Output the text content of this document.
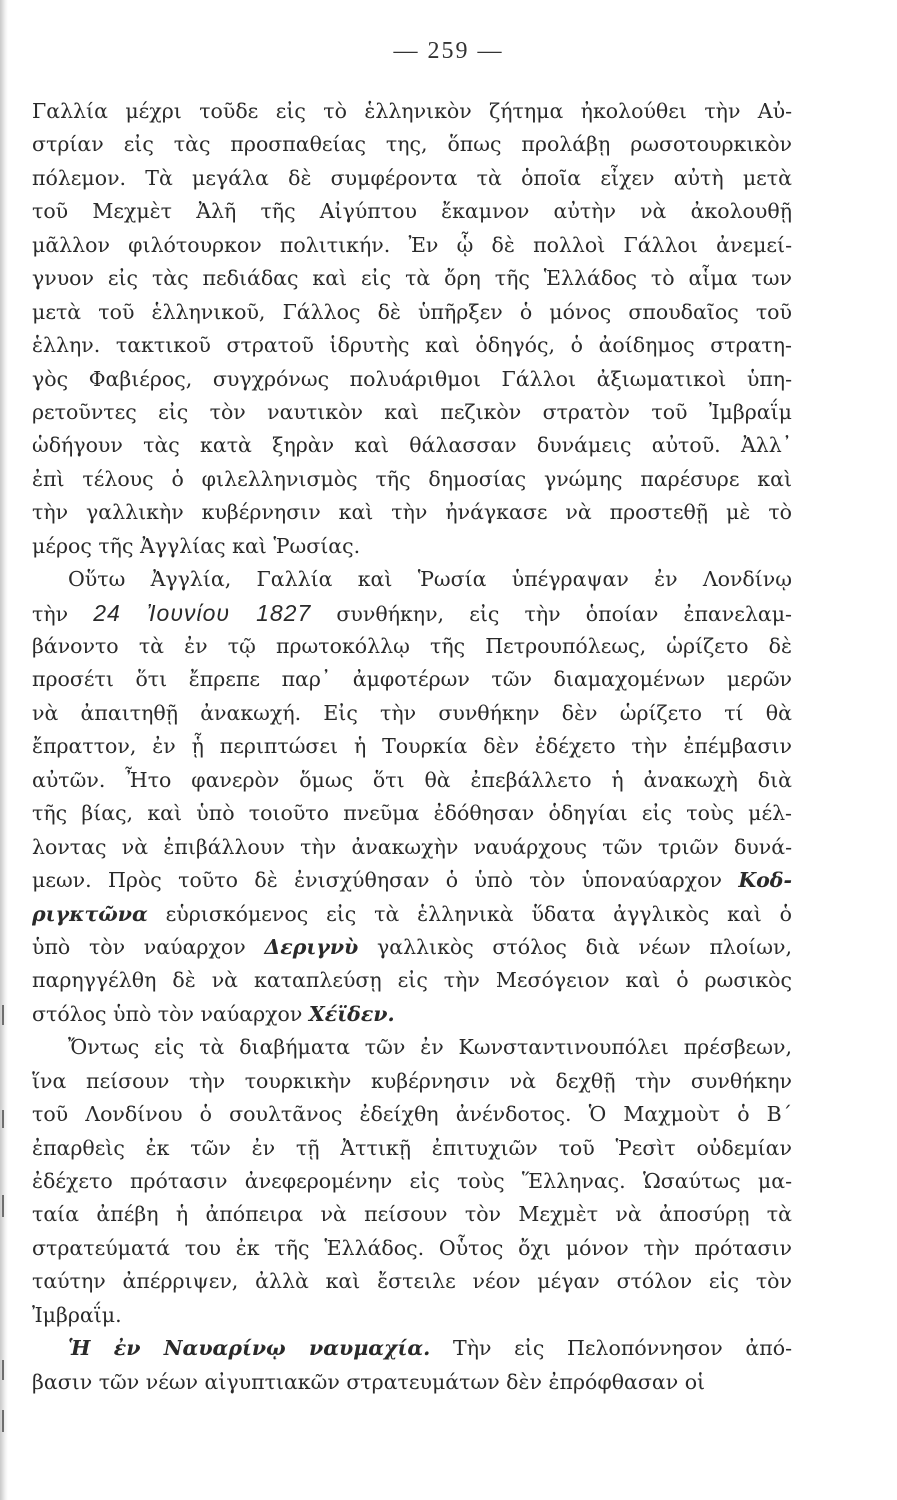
— 259 —
Γαλλία μέχρι τοῦδε εἰς τὸ ἑλληνικὸν ζήτημα ἠκολούθει τὴν Αὐ-
στρίαν εἰς τὰς προσπαθείας της, ὅπως προλάβῃ ρωσοτουρκικὸν
πόλεμον. Τὰ μεγάλα δὲ συμφέροντα τὰ ὁποῖα εἶχεν αὐτὴ μετὰ
τοῦ Μεχμὲτ Ἀλῆ τῆς Αἰγύπτου ἔκαμνον αὐτὴν νὰ ἀκολουθῇ
μᾶλλον φιλότουρκον πολιτικήν. Ἐν ᾧ δὲ πολλοὶ Γάλλοι ἀνεμεί-
γνυον εἰς τὰς πεδιάδας καὶ εἰς τὰ ὄρη τῆς Ἑλλάδος τὸ αἷμα των
μετὰ τοῦ ἑλληνικοῦ, Γάλλος δὲ ὑπῆρξεν ὁ μόνος σπουδαῖος τοῦ
ἑλλην. τακτικοῦ στρατοῦ ἱδρυτὴς καὶ ὁδηγός, ὁ ἀοίδημος στρατη-
γὸς Φαβιέρος, συγχρόνως πολυάριθμοι Γάλλοι ἀξιωματικοὶ ὑπη-
ρετοῦντες εἰς τὸν ναυτικὸν καὶ πεζικὸν στρατὸν τοῦ Ἰμβραΐμ
ὡδήγουν τὰς κατὰ ξηρὰν καὶ θάλασσαν δυνάμεις αὐτοῦ. Ἀλλ᾽
ἐπὶ τέλους ὁ φιλελληνισμὸς τῆς δημοσίας γνώμης παρέσυρε καὶ
τὴν γαλλικὴν κυβέρνησιν καὶ τὴν ἠνάγκασε νὰ προστεθῇ μὲ τὸ
μέρος τῆς Ἀγγλίας καὶ Ῥωσίας.
Οὕτω Ἀγγλία, Γαλλία καὶ Ῥωσία ὑπέγραψαν ἐν Λονδίνῳ
τὴν 24 Ἰουνίου 1827 συνθήκην, εἰς τὴν ὁποίαν ἐπανελαμ-
βάνοντο τὰ ἐν τῷ πρωτοκόλλῳ τῆς Πετρουπόλεως, ὡρίζετο δὲ
προσέτι ὅτι ἔπρεπε παρ᾽ ἀμφοτέρων τῶν διαμαχομένων μερῶν
νὰ ἀπαιτηθῇ ἀνακωχή. Εἰς τὴν συνθήκην δὲν ὡρίζετο τί θὰ
ἔπραττον, ἐν ᾗ περιπτώσει ἡ Τουρκία δὲν ἐδέχετο τὴν ἐπέμβασιν
αὐτῶν. Ἦτο φανερὸν ὅμως ὅτι θὰ ἐπεβάλλετο ἡ ἀνακωχὴ διὰ
τῆς βίας, καὶ ὑπὸ τοιοῦτο πνεῦμα ἐδόθησαν ὁδηγίαι εἰς τοὺς μέλ-
λοντας νὰ ἐπιβάλλουν τὴν ἀνακωχὴν ναυάρχους τῶν τριῶν δυνά-
μεων. Πρὸς τοῦτο δὲ ἐνισχύθησαν ὁ ὑπὸ τὸν ὑποναύαρχον Κοδ-
ριγκτῶνα εὑρισκόμενος εἰς τὰ ἑλληνικὰ ὕδατα ἀγγλικὸς καὶ ὁ
ὑπὸ τὸν ναύαρχον Δεριγνὺ γαλλικὸς στόλος διὰ νέων πλοίων,
παρηγγέλθη δὲ νὰ καταπλεύσῃ εἰς τὴν Μεσόγειον καὶ ὁ ρωσικὸς
στόλος ὑπὸ τὸν ναύαρχον Χέϊδεν.
Ὄντως εἰς τὰ διαβήματα τῶν ἐν Κωνσταντινουπόλει πρέσβεων,
ἵνα πείσουν τὴν τουρκικὴν κυβέρνησιν νὰ δεχθῇ τὴν συνθήκην
τοῦ Λονδίνου ὁ σουλτᾶνος ἐδείχθη ἀνένδοτος. Ὁ Μαχμοὺτ ὁ Β´
ἐπαρθεὶς ἐκ τῶν ἐν τῇ Ἀττικῇ ἐπιτυχιῶν τοῦ Ῥεσὶτ οὐδεμίαν
ἐδέχετο πρότασιν ἀνεφερομένην εἰς τοὺς Ἕλληνας. Ὡσαύτως μα-
ταία ἀπέβη ἡ ἀπόπειρα νὰ πείσουν τὸν Μεχμὲτ νὰ ἀποσύρῃ τὰ
στρατεύματά του ἐκ τῆς Ἑλλάδος. Οὗτος ὄχι μόνον τὴν πρότασιν
ταύτην ἀπέρριψεν, ἀλλὰ καὶ ἔστειλε νέον μέγαν στόλον εἰς τὸν
Ἰμβραΐμ.
Ἡ ἐν Ναυαρίνῳ ναυμαχία. Τὴν εἰς Πελοπόννησον ἀπό-
βασιν τῶν νέων αἰγυπτιακῶν στρατευμάτων δὲν ἐπρόφθασαν οἱ
